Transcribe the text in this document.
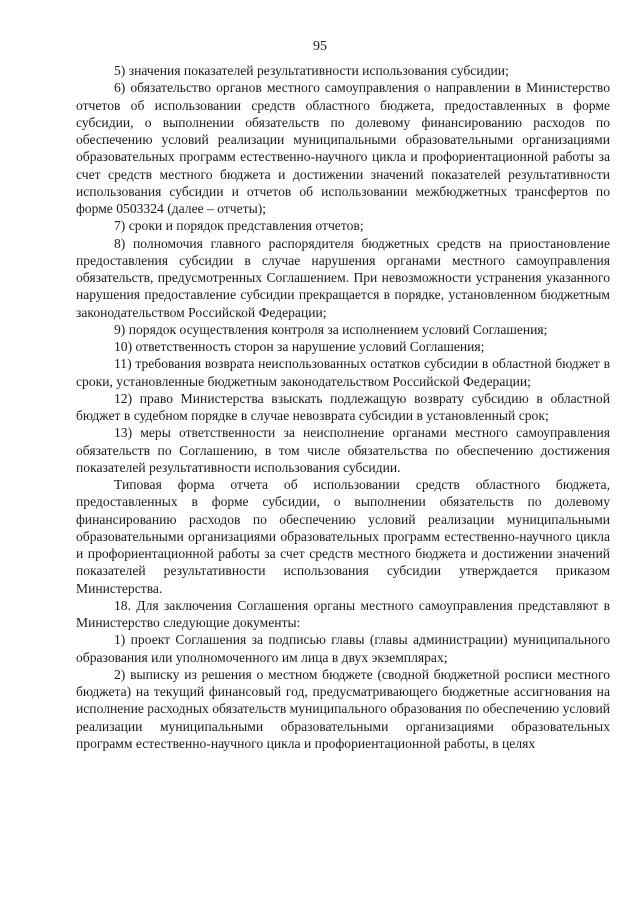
95

5) значения показателей результативности использования субсидии;

6) обязательство органов местного самоуправления о направлении в Министерство отчетов об использовании средств областного бюджета, предоставленных в форме субсидии, о выполнении обязательств по долевому финансированию расходов по обеспечению условий реализации муниципальными образовательными организациями образовательных программ естественно-научного цикла и профориентационной работы за счет средств местного бюджета и достижении значений показателей результативности использования субсидии и отчетов об использовании межбюджетных трансфертов по форме 0503324 (далее – отчеты);

7) сроки и порядок представления отчетов;

8) полномочия главного распорядителя бюджетных средств на приостановление предоставления субсидии в случае нарушения органами местного самоуправления обязательств, предусмотренных Соглашением. При невозможности устранения указанного нарушения предоставление субсидии прекращается в порядке, установленном бюджетным законодательством Российской Федерации;

9) порядок осуществления контроля за исполнением условий Соглашения;

10) ответственность сторон за нарушение условий Соглашения;

11) требования возврата неиспользованных остатков субсидии в областной бюджет в сроки, установленные бюджетным законодательством Российской Федерации;

12) право Министерства взыскать подлежащую возврату субсидию в областной бюджет в судебном порядке в случае невозврата субсидии в установленный срок;

13) меры ответственности за неисполнение органами местного самоуправления обязательств по Соглашению, в том числе обязательства по обеспечению достижения показателей результативности использования субсидии.

Типовая форма отчета об использовании средств областного бюджета, предоставленных в форме субсидии, о выполнении обязательств по долевому финансированию расходов по обеспечению условий реализации муниципальными образовательными организациями образовательных программ естественно-научного цикла и профориентационной работы за счет средств местного бюджета и достижении значений показателей результативности использования субсидии утверждается приказом Министерства.

18. Для заключения Соглашения органы местного самоуправления представляют в Министерство следующие документы:

1) проект Соглашения за подписью главы (главы администрации) муниципального образования или уполномоченного им лица в двух экземплярах;

2) выписку из решения о местном бюджете (сводной бюджетной росписи местного бюджета) на текущий финансовый год, предусматривающего бюджетные ассигнования на исполнение расходных обязательств муниципального образования по обеспечению условий реализации муниципальными образовательными организациями образовательных программ естественно-научного цикла и профориентационной работы, в целях
